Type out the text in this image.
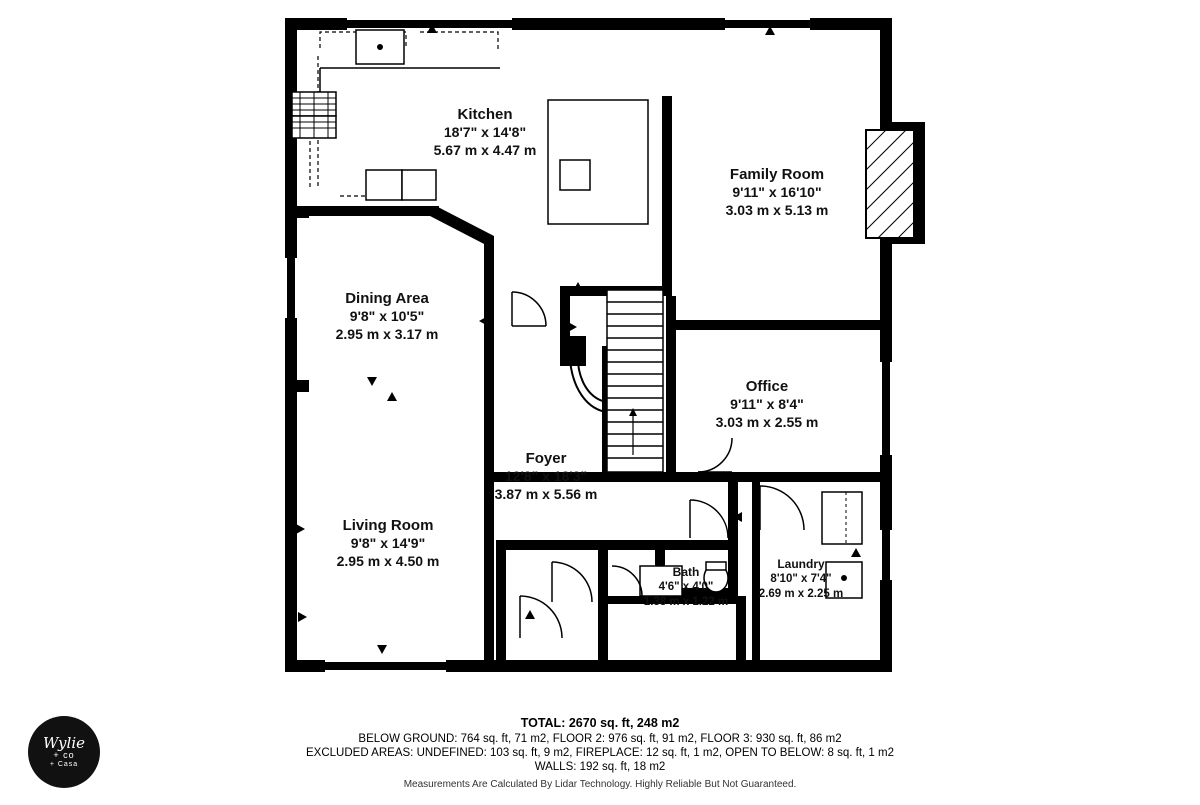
Kitchen
18'7" x 14'8"
5.67 m x 4.47 m
Family Room
9'11" x 16'10"
3.03 m x 5.13 m
Dining Area
9'8" x 10'5"
2.95 m x 3.17 m
Office
9'11" x 8'4"
3.03 m x 2.55 m
Foyer
12'8" x 18'3"
3.87 m x 5.56 m
Living Room
9'8" x 14'9"
2.95 m x 4.50 m	Laundry
8'10" x 7'4"
2.69 m x 2.25 m
Bath
4'6" x 4'0"
1.38 m x 1.22 m
TOTAL: 2670 sq. ft, 248 m2
BELOW GROUND: 764 sq. ft, 71 m2, FLOOR 2: 976 sq. ft, 91 m2, FLOOR 3: 930 sq. ft, 86 m2
EXCLUDED AREAS: UNDEFINED: 103 sq. ft, 9 m2, FIREPLACE: 12 sq. ft, 1 m2, OPEN TO BELOW: 8 sq. ft, 1 m2
WALLS: 192 sq. ft, 18 m2
Measurements Are Calculated By Lidar Technology. Highly Reliable But Not Guaranteed.
Wylie
+ co
+ Casa
